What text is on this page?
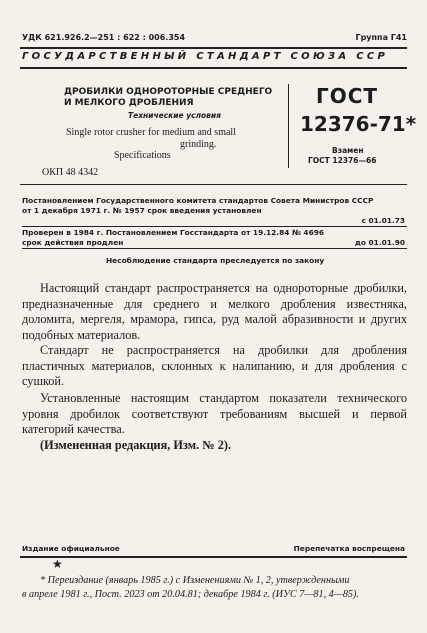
УДК 621.926.2—251 : 622 : 006.354	Группа Г41
ГОСУДАРСТВЕННЫЙ СТАНДАРТ СОЮЗА ССР
ДРОБИЛКИ ОДНОРОТОРНЫЕ СРЕДНЕГО
И МЕЛКОГО ДРОБЛЕНИЯ
Технические условия
Single rotor crusher for medium and small
grinding.
Specifications
ГОСТ
12376-71*
Взамен
ГОСТ 12376—66
ОКП 48 4342
Постановлением Государственного комитета стандартов Совета Министров СССР
от 1 декабря 1971 г. № 1957 срок введения установлен
с 01.01.73
Проверен в 1984 г. Постановлением Госстандарта от 19.12.84 № 4696
срок действия продлен	до 01.01.90
Несоблюдение стандарта преследуется по закону
Настоящий стандарт распространяется на однороторные дробилки, предназначенные для среднего и мелкого дробления известняка, доломита, мергеля, мрамора, гипса, руд малой абразивности и других подобных материалов.
Стандарт не распространяется на дробилки для дробления пластичных материалов, склонных к налипанию, и для дробления с сушкой.
Установленные настоящим стандартом показатели технического уровня дробилок соответствуют требованиям высшей и первой категорий качества.
(Измененная редакция, Изм. № 2).
Издание официальное	Перепечатка воспрещена
★
* Переиздание (январь 1985 г.) с Изменениями № 1, 2, утвержденными
в апреле 1981 г., Пост. 2023 от 20.04.81; декабре 1984 г. (ИУС 7—81, 4—85).
